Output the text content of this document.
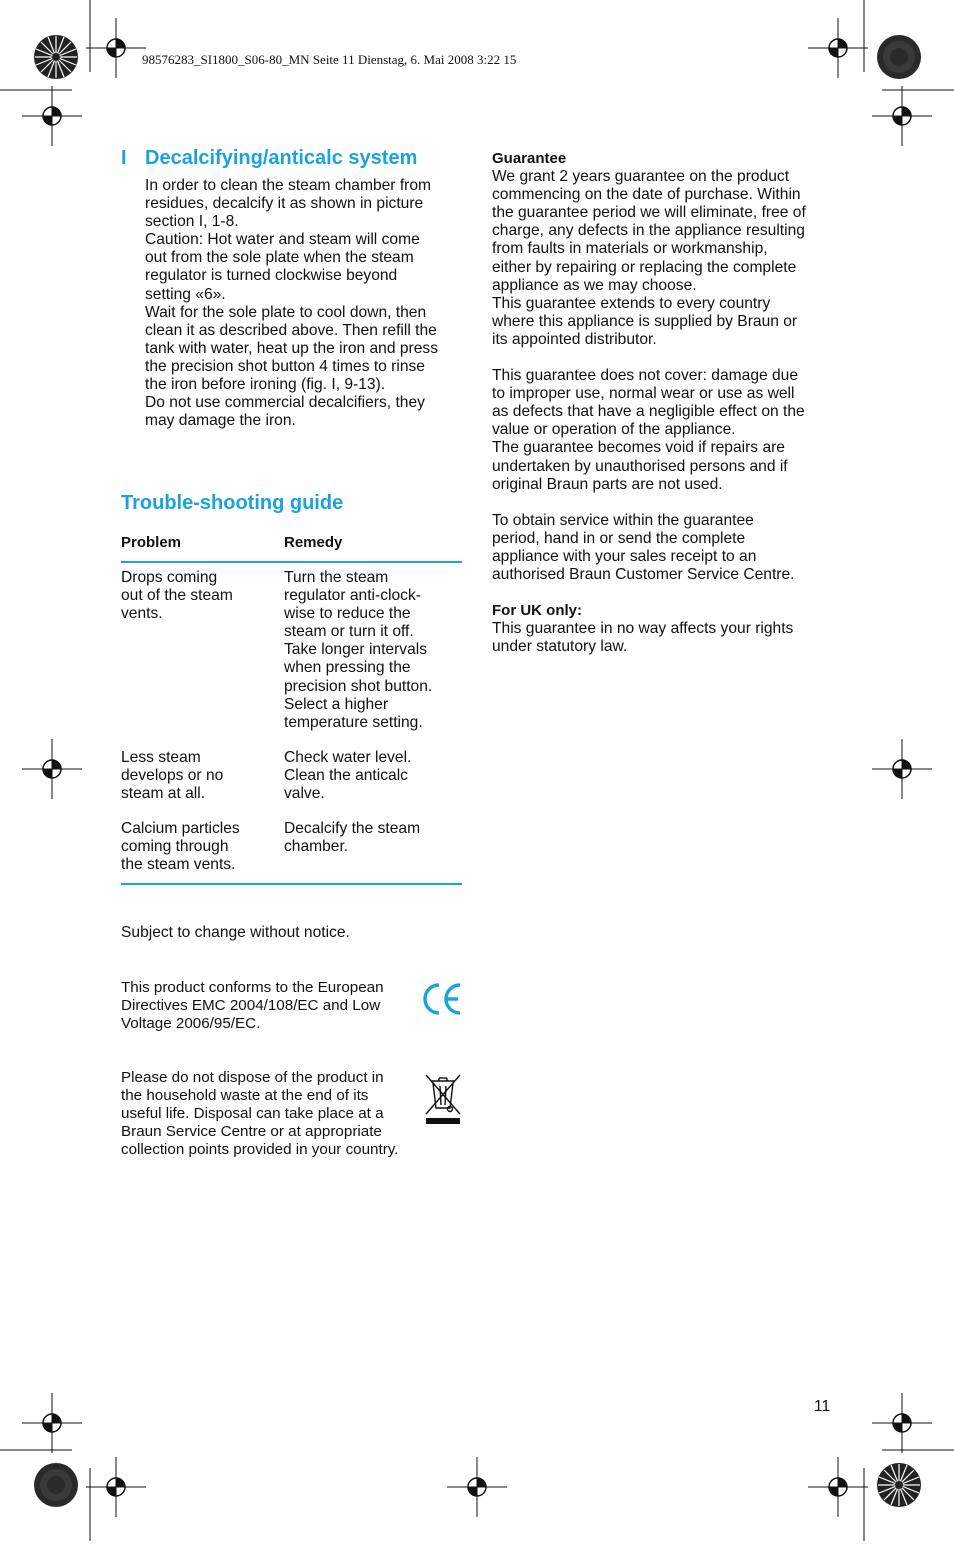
98576283_SI1800_S06-80_MN Seite 11 Dienstag, 6. Mai 2008 3:22 15
I Decalcifying/anticalc system
In order to clean the steam chamber from
residues, decalcify it as shown in picture
section I, 1-8.
Caution: Hot water and steam will come
out from the sole plate when the steam
regulator is turned clockwise beyond
setting «6».
Wait for the sole plate to cool down, then
clean it as described above. Then refill the
tank with water, heat up the iron and press
the precision shot button 4 times to rinse
the iron before ironing (fig. I, 9-13).
Do not use commercial decalcifiers, they
may damage the iron.
Trouble-shooting guide
Problem	Remedy
Drops coming
out of the steam
vents.
Turn the steam
regulator anti-clock-
wise to reduce the
steam or turn it off.
Take longer intervals
when pressing the
precision shot button.
Select a higher
temperature setting.
Less steam
develops or no
steam at all.
Check water level.
Clean the anticalc
valve.
Calcium particles
coming through
the steam vents.
Decalcify the steam
chamber.
Subject to change without notice.
This product conforms to the European
Directives EMC 2004/108/EC and Low
Voltage 2006/95/EC.
Please do not dispose of the product in
the household waste at the end of its
useful life. Disposal can take place at a
Braun Service Centre or at appropriate
collection points provided in your country.
Guarantee
We grant 2 years guarantee on the product
commencing on the date of purchase. Within
the guarantee period we will eliminate, free of
charge, any defects in the appliance resulting
from faults in materials or workmanship,
either by repairing or replacing the complete
appliance as we may choose.
This guarantee extends to every country
where this appliance is supplied by Braun or
its appointed distributor.
This guarantee does not cover: damage due
to improper use, normal wear or use as well
as defects that have a negligible effect on the
value or operation of the appliance.
The guarantee becomes void if repairs are
undertaken by unauthorised persons and if
original Braun parts are not used.
To obtain service within the guarantee
period, hand in or send the complete
appliance with your sales receipt to an
authorised Braun Customer Service Centre.
For UK only:
This guarantee in no way affects your rights
under statutory law.
11
